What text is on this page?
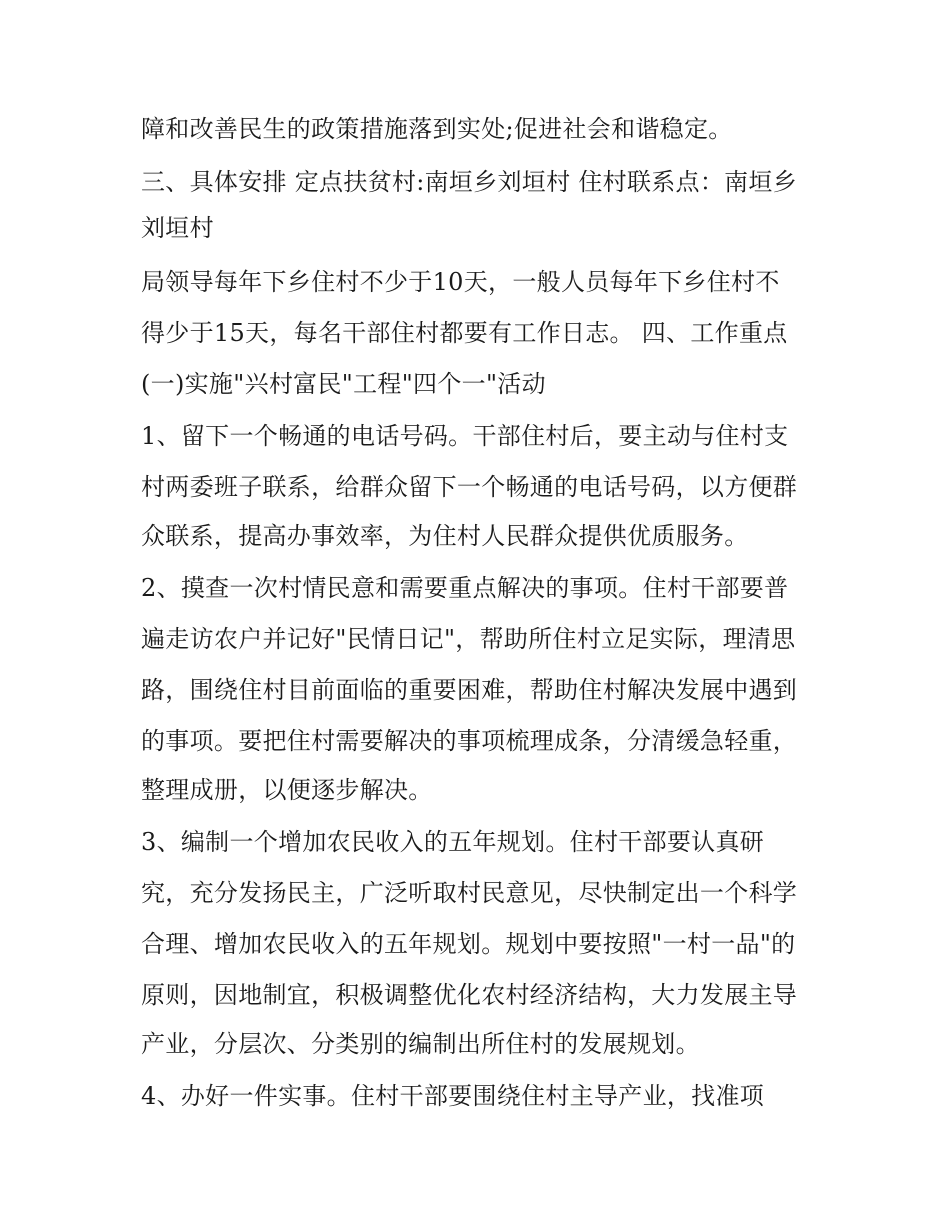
障和改善民生的政策措施落到实处;促进社会和谐稳定。
三、具体安排 定点扶贫村:南垣乡刘垣村 住村联系点：南垣乡
刘垣村
局领导每年下乡住村不少于10天，一般人员每年下乡住村不
得少于15天，每名干部住村都要有工作日志。 四、工作重点
(一)实施"兴村富民"工程"四个一"活动
1、留下一个畅通的电话号码。干部住村后，要主动与住村支
村两委班子联系，给群众留下一个畅通的电话号码，以方便群
众联系，提高办事效率，为住村人民群众提供优质服务。
2、摸查一次村情民意和需要重点解决的事项。住村干部要普
遍走访农户并记好"民情日记"，帮助所住村立足实际，理清思
路，围绕住村目前面临的重要困难，帮助住村解决发展中遇到
的事项。要把住村需要解决的事项梳理成条，分清缓急轻重，
整理成册，以便逐步解决。
3、编制一个增加农民收入的五年规划。住村干部要认真研
究，充分发扬民主，广泛听取村民意见，尽快制定出一个科学
合理、增加农民收入的五年规划。规划中要按照"一村一品"的
原则，因地制宜，积极调整优化农村经济结构，大力发展主导
产业，分层次、分类别的编制出所住村的发展规划。
4、办好一件实事。住村干部要围绕住村主导产业，找准项
